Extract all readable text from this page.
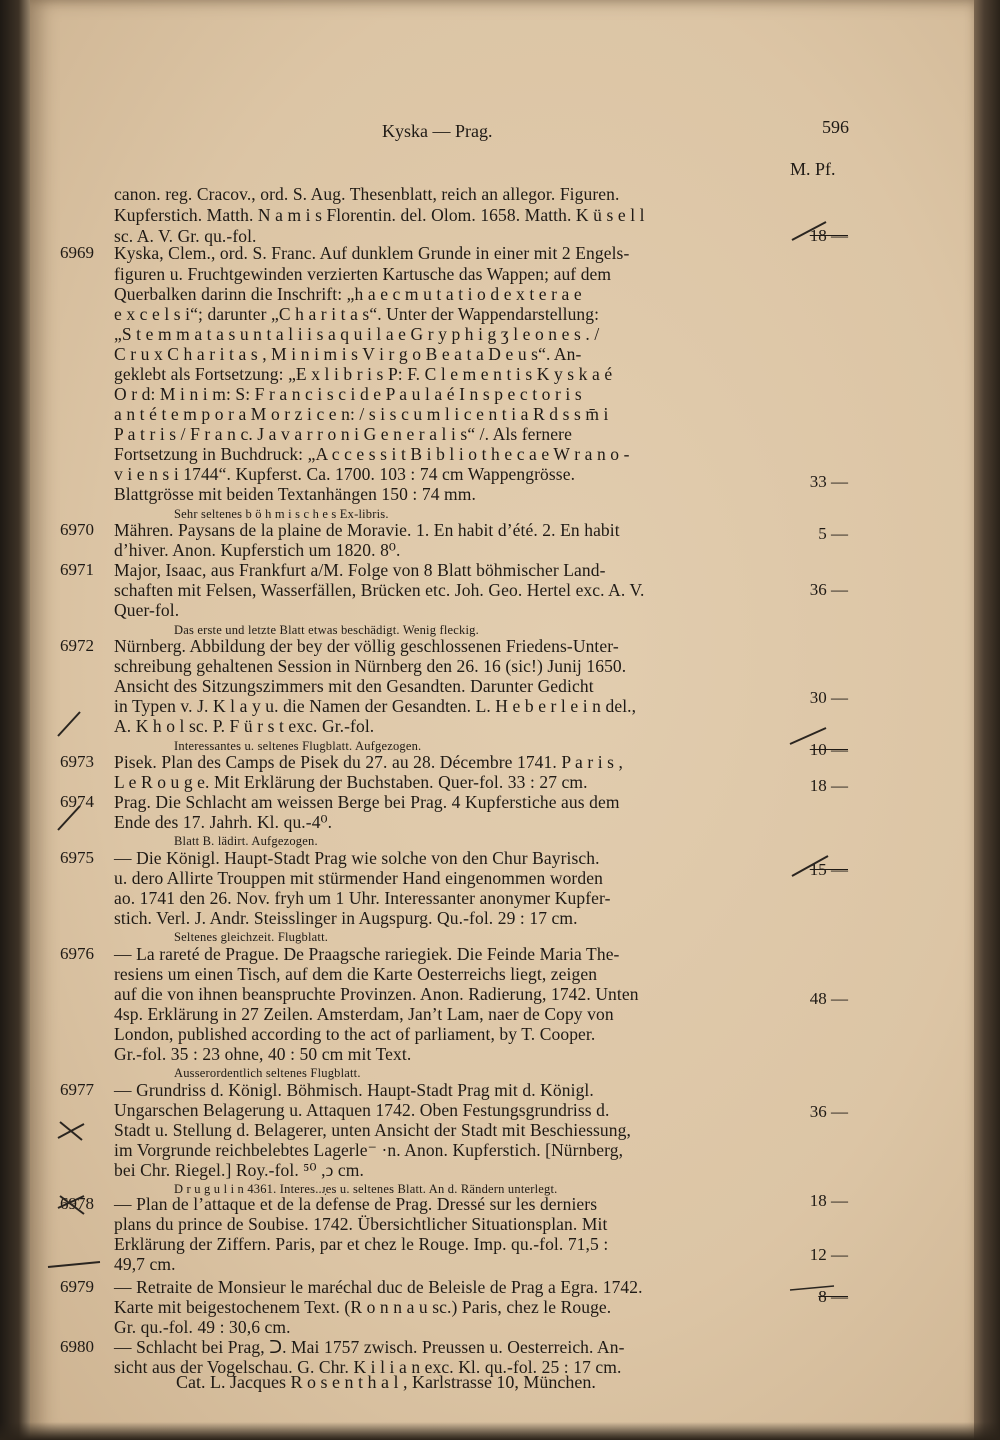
Kyska — Prag.	596
M. Pf.
canon. reg. Cracov., ord. S. Aug. Thesenblatt, reich an allegor. Figuren.
Kupferstich. Matth. N a m i s Florentin. del. Olom. 1658. Matth. K ü s e l l
sc. A. V. Gr. qu.-fol.
6969 Kyska, Clem., ord. S. Franc. Auf dunklem Grunde in einer mit 2 Engels-
figuren u. Fruchtgewinden verzierten Kartusche das Wappen; auf dem
Querbalken darinn die Inschrift: „h a e c m u t a t i o d e x t e r a e
e x c e l s i“; darunter „C h a r i t a s“. Unter der Wappendarstellung:
„S t e m m a t a s u n t a l i i s a q u i l a e G r y p h i g ʒ l e o n e s . /
C r u x C h a r i t a s , M i n i m i s V i r g o B e a t a D e u s“. An-
geklebt als Fortsetzung: „E x l i b r i s P: F. C l e m e n t i s K y s k a é
O r d: M i n i m: S: F r a n c i s c i d e P a u l a é I n s p e c t o r i s
a n t é t e m p o r a M o r z i c e n: / s i s c u m l i c e n t i a R d s s m̄ i
P a t r i s / F r a n c. J a v a r r o n i G e n e r a l i s“ /. Als fernere
Fortsetzung in Buchdruck: „A c c e s s i t B i b l i o t h e c a e W r a n o -
v i e n s i 1744“. Kupferst. Ca. 1700. 103 : 74 cm Wappengrösse.
Blattgrösse mit beiden Textanhängen 150 : 74 mm.
Sehr seltenes b ö h m i s c h e s Ex-libris.
6970 Mähren. Paysans de la plaine de Moravie. 1. En habit d’été. 2. En habit
d’hiver. Anon. Kupferstich um 1820. 8⁰.
6971 Major, Isaac, aus Frankfurt a/M. Folge von 8 Blatt böhmischer Land-
schaften mit Felsen, Wasserfällen, Brücken etc. Joh. Geo. Hertel exc. A. V.
Quer-fol.
Das erste und letzte Blatt etwas beschädigt. Wenig fleckig.
6972 Nürnberg. Abbildung der bey der völlig geschlossenen Friedens-Unter-
schreibung gehaltenen Session in Nürnberg den 26. 16 (sic!) Junij 1650.
Ansicht des Sitzungszimmers mit den Gesandten. Darunter Gedicht
in Typen v. J. K l a y u. die Namen der Gesandten. L. H e b e r l e i n del.,
A. K h o l sc. P. F ü r s t exc. Gr.-fol.
Interessantes u. seltenes Flugblatt. Aufgezogen.
6973 Pisek. Plan des Camps de Pisek du 27. au 28. Décembre 1741. P a r i s ,
L e R o u g e. Mit Erklärung der Buchstaben. Quer-fol. 33 : 27 cm.
6974 Prag. Die Schlacht am weissen Berge bei Prag. 4 Kupferstiche aus dem
Ende des 17. Jahrh. Kl. qu.-4⁰.
Blatt B. lädirt. Aufgezogen.
6975 — Die Königl. Haupt-Stadt Prag wie solche von den Chur Bayrisch.
u. dero Allirte Trouppen mit stürmender Hand eingenommen worden
ao. 1741 den 26. Nov. fryh um 1 Uhr. Interessanter anonymer Kupfer-
stich. Verl. J. Andr. Steisslinger in Augspurg. Qu.-fol. 29 : 17 cm.
Seltenes gleichzeit. Flugblatt.
6976 — La rareté de Prague. De Praagsche rariegiek. Die Feinde Maria The-
resiens um einen Tisch, auf dem die Karte Oesterreichs liegt, zeigen
auf die von ihnen beanspruchte Provinzen. Anon. Radierung, 1742. Unten
4sp. Erklärung in 27 Zeilen. Amsterdam, Jan’t Lam, naer de Copy von
London, published according to the act of parliament, by T. Cooper.
Gr.-fol. 35 : 23 ohne, 40 : 50 cm mit Text.
Ausserordentlich seltenes Flugblatt.
6977 — Grundriss d. Königl. Böhmisch. Haupt-Stadt Prag mit d. Königl.
Ungarschen Belagerung u. Attaquen 1742. Oben Festungsgrundriss d.
Stadt u. Stellung d. Belagerer, unten Ansicht der Stadt mit Beschiessung,
im Vorgrunde reichbelebtes Lagerle⁻ ·n. Anon. Kupferstich. [Nürnberg,
bei Chr. Riegel.] Roy.-fol. ⁵⁰ ,ↄ cm.
D r u g u l i n 4361. Interes..ᴊ̣es u. seltenes Blatt. An d. Rändern unterlegt.
6978 — Plan de l’attaque et de la defense de Prag. Dressé sur les derniers
plans du prince de Soubise. 1742. Übersichtlicher Situationsplan. Mit
Erklärung der Ziffern. Paris, par et chez le Rouge. Imp. qu.-fol. 71,5 :
49,7 cm.
6979 — Retraite de Monsieur le maréchal duc de Beleisle de Prag a Egra. 1742.
Karte mit beigestochenem Text. (R o n n a u sc.) Paris, chez le Rouge.
Gr. qu.-fol. 49 : 30,6 cm.
6980 — Schlacht bei Prag, ᑐ. Mai 1757 zwisch. Preussen u. Oesterreich. An-
sicht aus der Vogelschau. G. Chr. K i l i a n exc. Kl. qu.-fol. 25 : 17 cm.
18 —
33 —
5 —
36 —
30 —
10 —
18 —
15 —
48 —
36 —
18 —
12 —
8 —
Cat. L. Jacques R o s e n t h a l , Karlstrasse 10, München.
